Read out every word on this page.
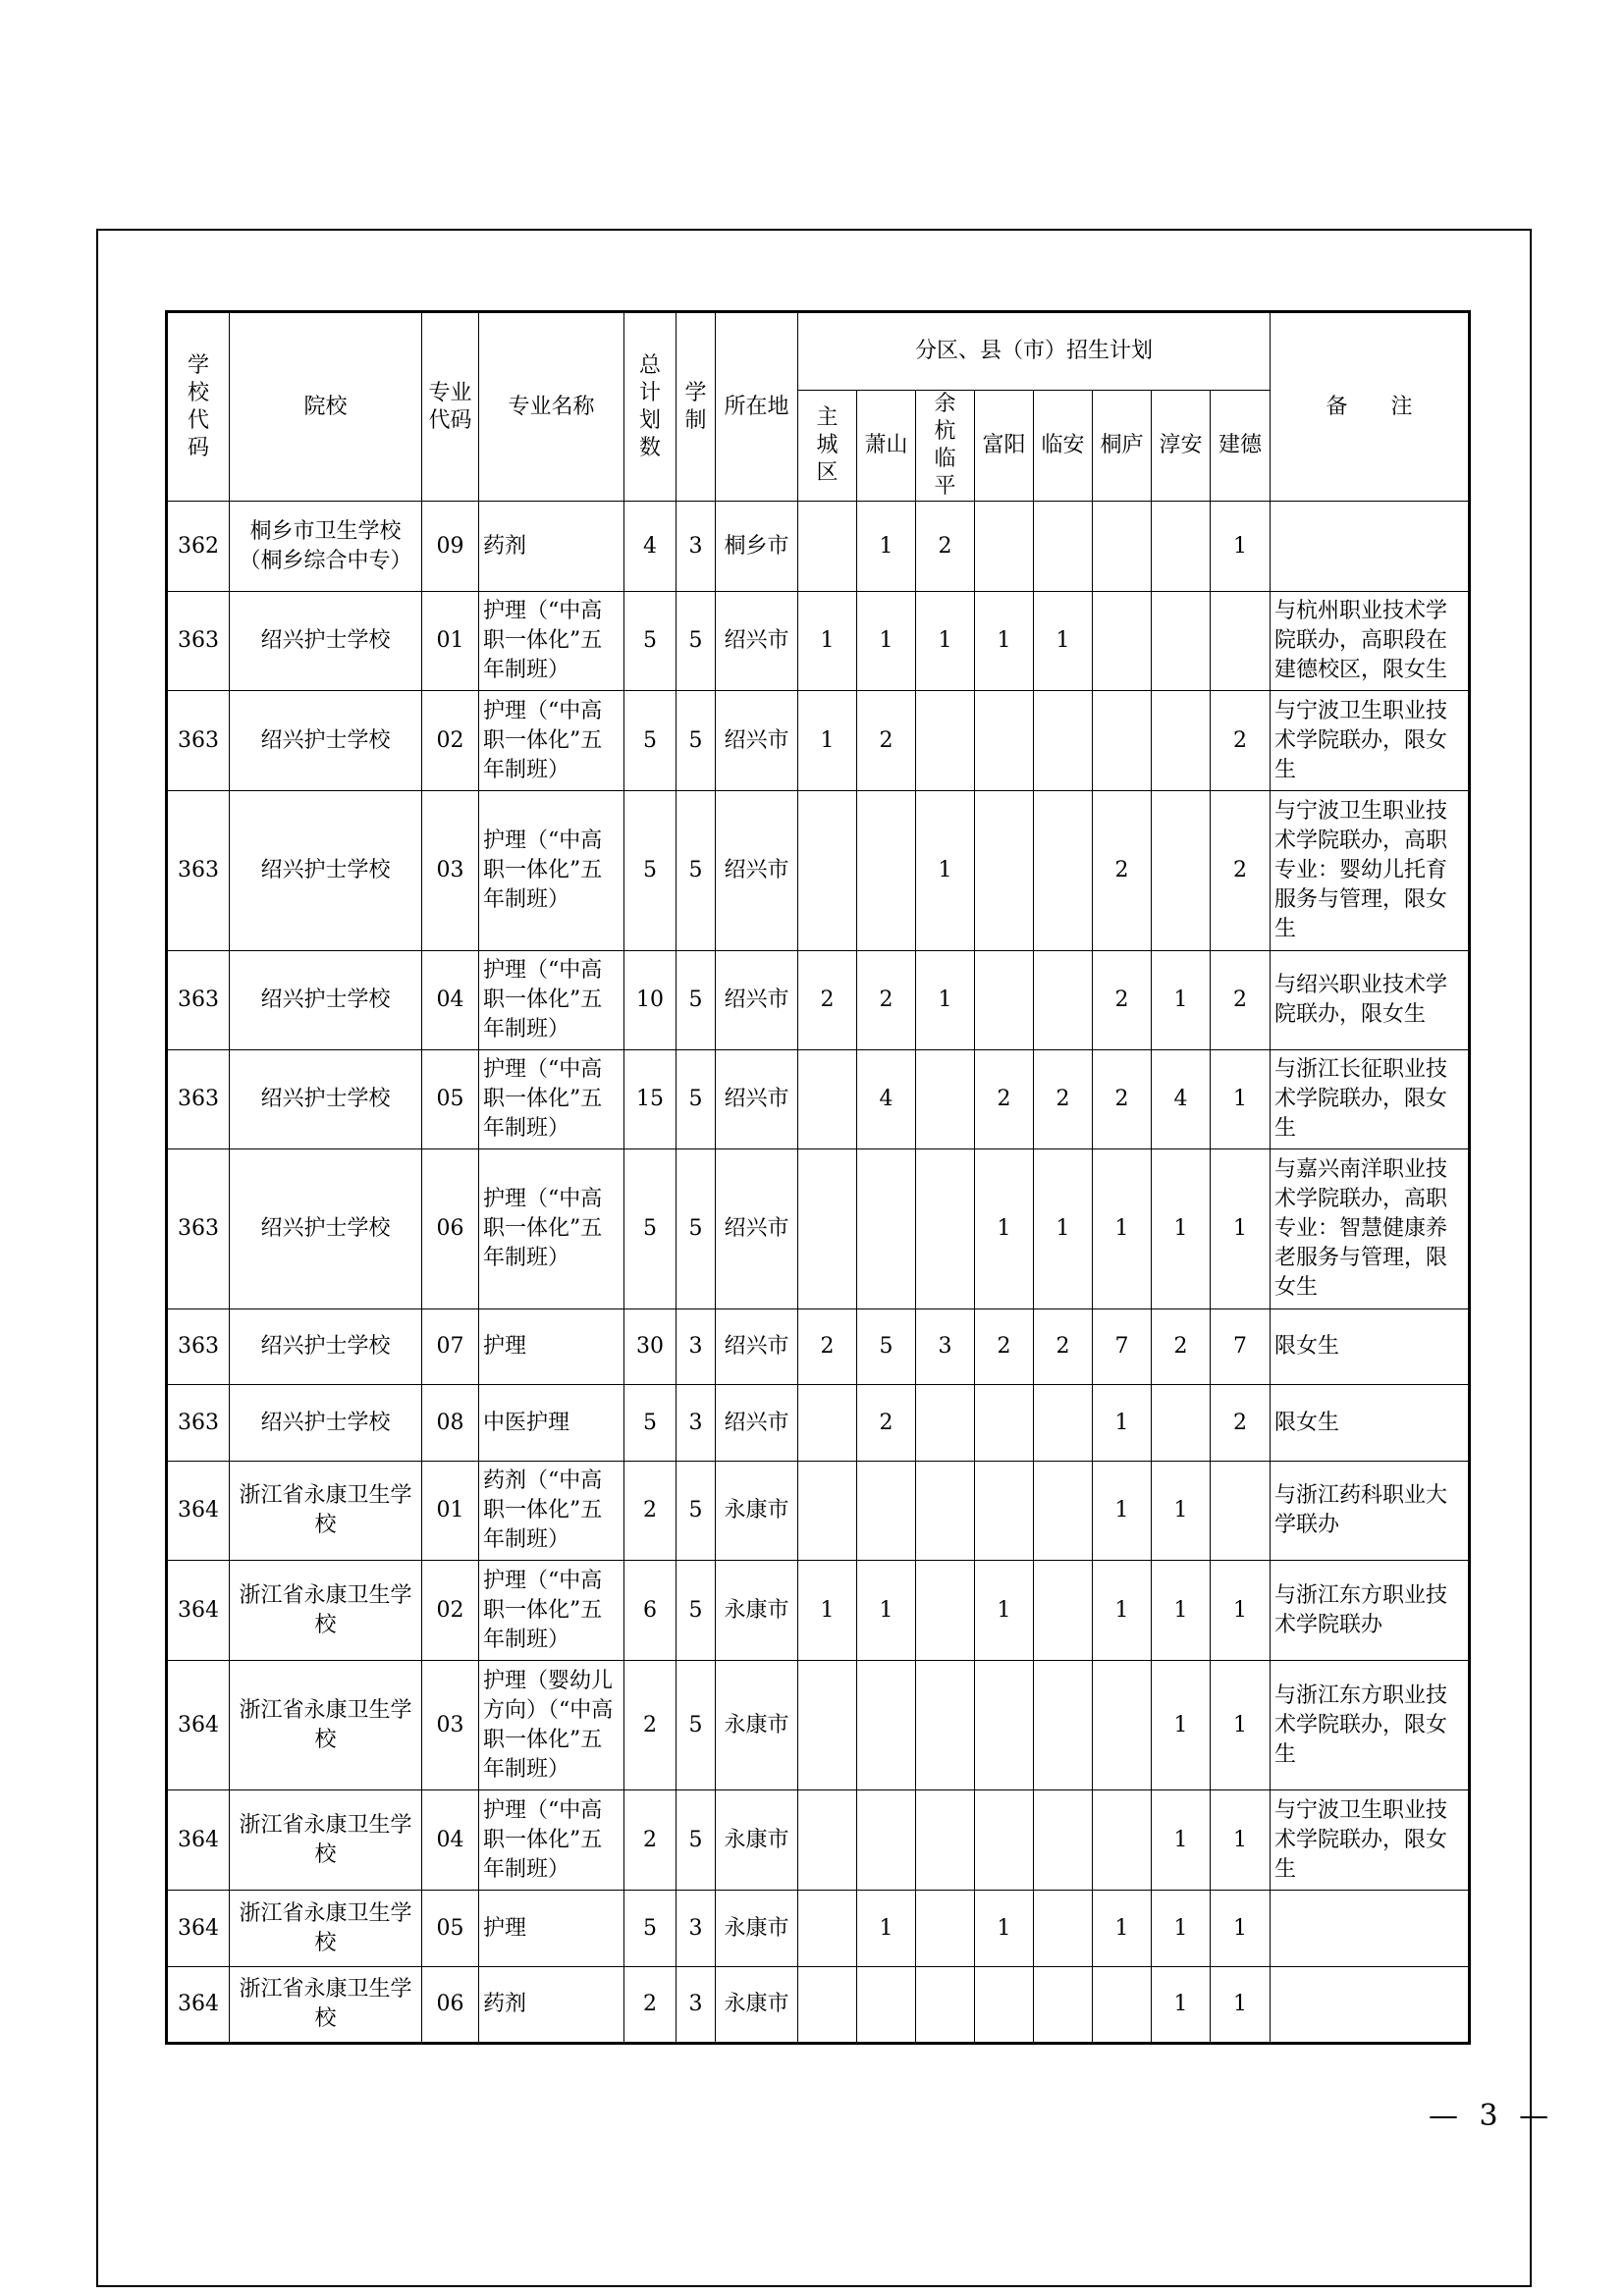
学校代码	院校	专业代码	专业名称	总计划数	学制	所在地	分区、县（市）招生计划								备　　注
							主城区	萧山	余杭临平	富阳	临安	桐庐	淳安	建德	
362	桐乡市卫生学校（桐乡综合中专）	09	药剂	4	3	桐乡市		1	2					1	
363	绍兴护士学校	01	护理（“中高职一体化”五年制班）	5	5	绍兴市	1	1	1	1	1				与杭州职业技术学院联办，高职段在建德校区，限女生
363	绍兴护士学校	02	护理（“中高职一体化”五年制班）	5	5	绍兴市	1	2						2	与宁波卫生职业技术学院联办，限女生
363	绍兴护士学校	03	护理（“中高职一体化”五年制班）	5	5	绍兴市			1			2		2	与宁波卫生职业技术学院联办，高职专业：婴幼儿托育服务与管理，限女生
363	绍兴护士学校	04	护理（“中高职一体化”五年制班）	10	5	绍兴市	2	2	1			2	1	2	与绍兴职业技术学院联办，限女生
363	绍兴护士学校	05	护理（“中高职一体化”五年制班）	15	5	绍兴市		4		2	2	2	4	1	与浙江长征职业技术学院联办，限女生
363	绍兴护士学校	06	护理（“中高职一体化”五年制班）	5	5	绍兴市				1	1	1	1	1	与嘉兴南洋职业技术学院联办，高职专业：智慧健康养老服务与管理，限女生
363	绍兴护士学校	07	护理	30	3	绍兴市	2	5	3	2	2	7	2	7	限女生
363	绍兴护士学校	08	中医护理	5	3	绍兴市		2				1		2	限女生
364	浙江省永康卫生学校	01	药剂（“中高职一体化”五年制班）	2	5	永康市						1	1		与浙江药科职业大学联办
364	浙江省永康卫生学校	02	护理（“中高职一体化”五年制班）	6	5	永康市	1	1		1		1	1	1	与浙江东方职业技术学院联办
364	浙江省永康卫生学校	03	护理（婴幼儿方向）（“中高职一体化”五年制班）	2	5	永康市							1	1	与浙江东方职业技术学院联办，限女生
364	浙江省永康卫生学校	04	护理（“中高职一体化”五年制班）	2	5	永康市							1	1	与宁波卫生职业技术学院联办，限女生
364	浙江省永康卫生学校	05	护理	5	3	永康市		1		1		1	1	1	
364	浙江省永康卫生学校	06	药剂	2	3	永康市							1	1	
— 3 —
